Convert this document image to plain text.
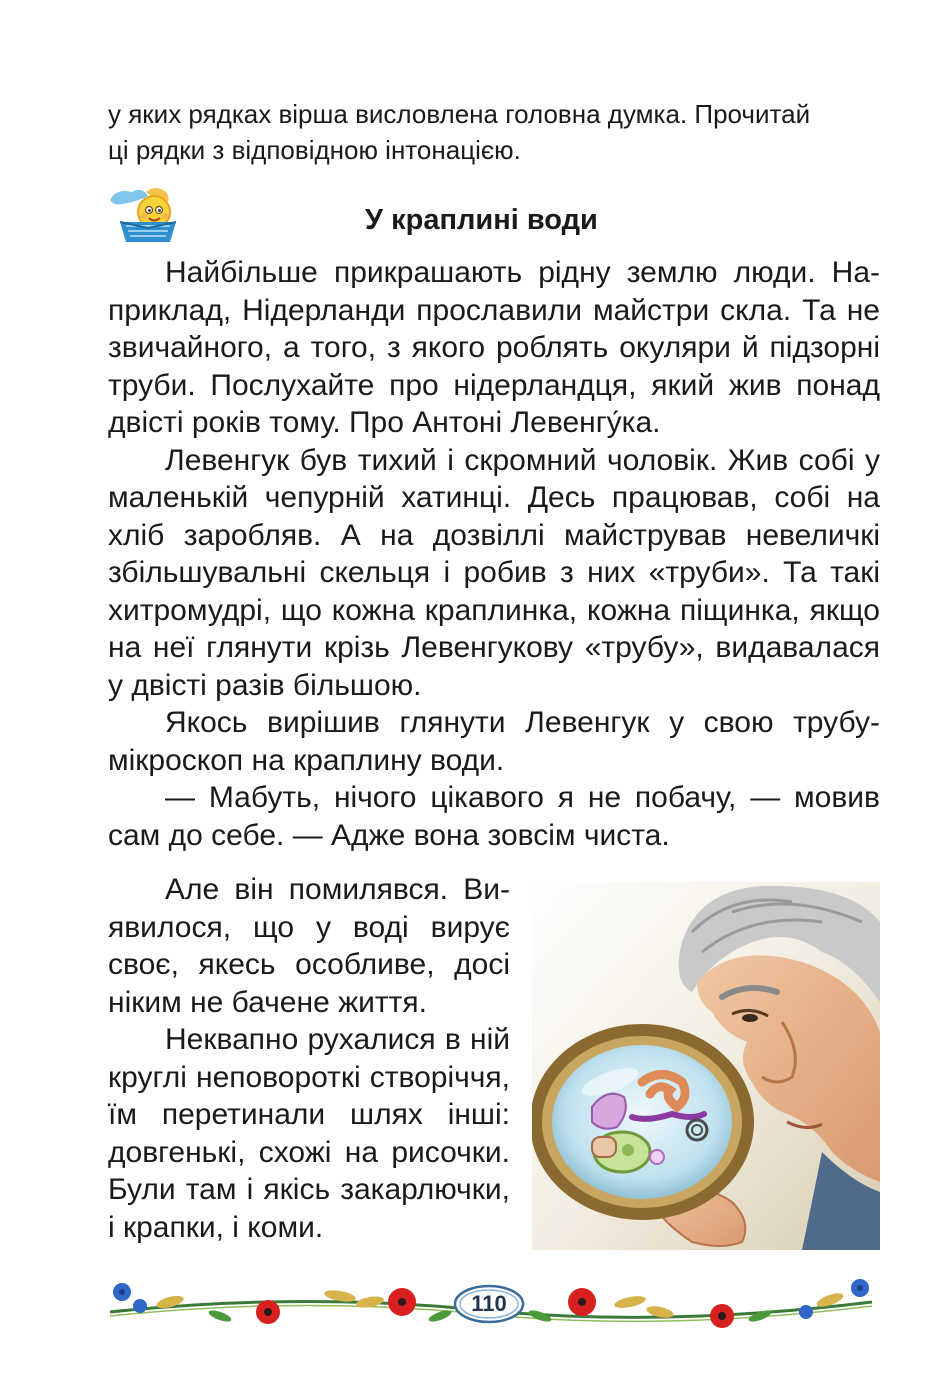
у яких рядках вірша висловлена головна думка. Прочитай
ці рядки з відповідною інтонацією.

У краплині води

Найбільше прикрашають рідну землю люди. Наприклад, Нідерланди прославили майстри скла. Та не звичайного, а того, з якого роблять окуляри й підзорні труби. Послухайте про нідерландця, який жив понад двісті років тому. Про Антоні Левенгу́ка.

Левенгук був тихий і скромний чоловік. Жив собі у маленькій чепурній хатинці. Десь працював, собі на хліб заробляв. А на дозвіллі майстрував невеличкі збільшувальні скельця і робив з них «труби». Та такі хитромудрі, що кожна краплинка, кожна піщинка, якщо на неї глянути крізь Левенгукову «трубу», видавалася у двісті разів більшою.

Якось вирішив глянути Левенгук у свою трубу-мікроскоп на краплину води.

— Мабуть, нічого цікавого я не побачу, — мовив сам до себе. — Адже вона зовсім чиста.

Але він помилявся. Виявилося, що у воді вирує своє, якесь особливе, досі ніким не бачене життя.

Неквапно рухалися в ній круглі неповороткі створіччя, їм перетинали шлях інші: довгенькі, схожі на рисочки. Були там і якісь закарлючки, і крапки, і коми.

110
